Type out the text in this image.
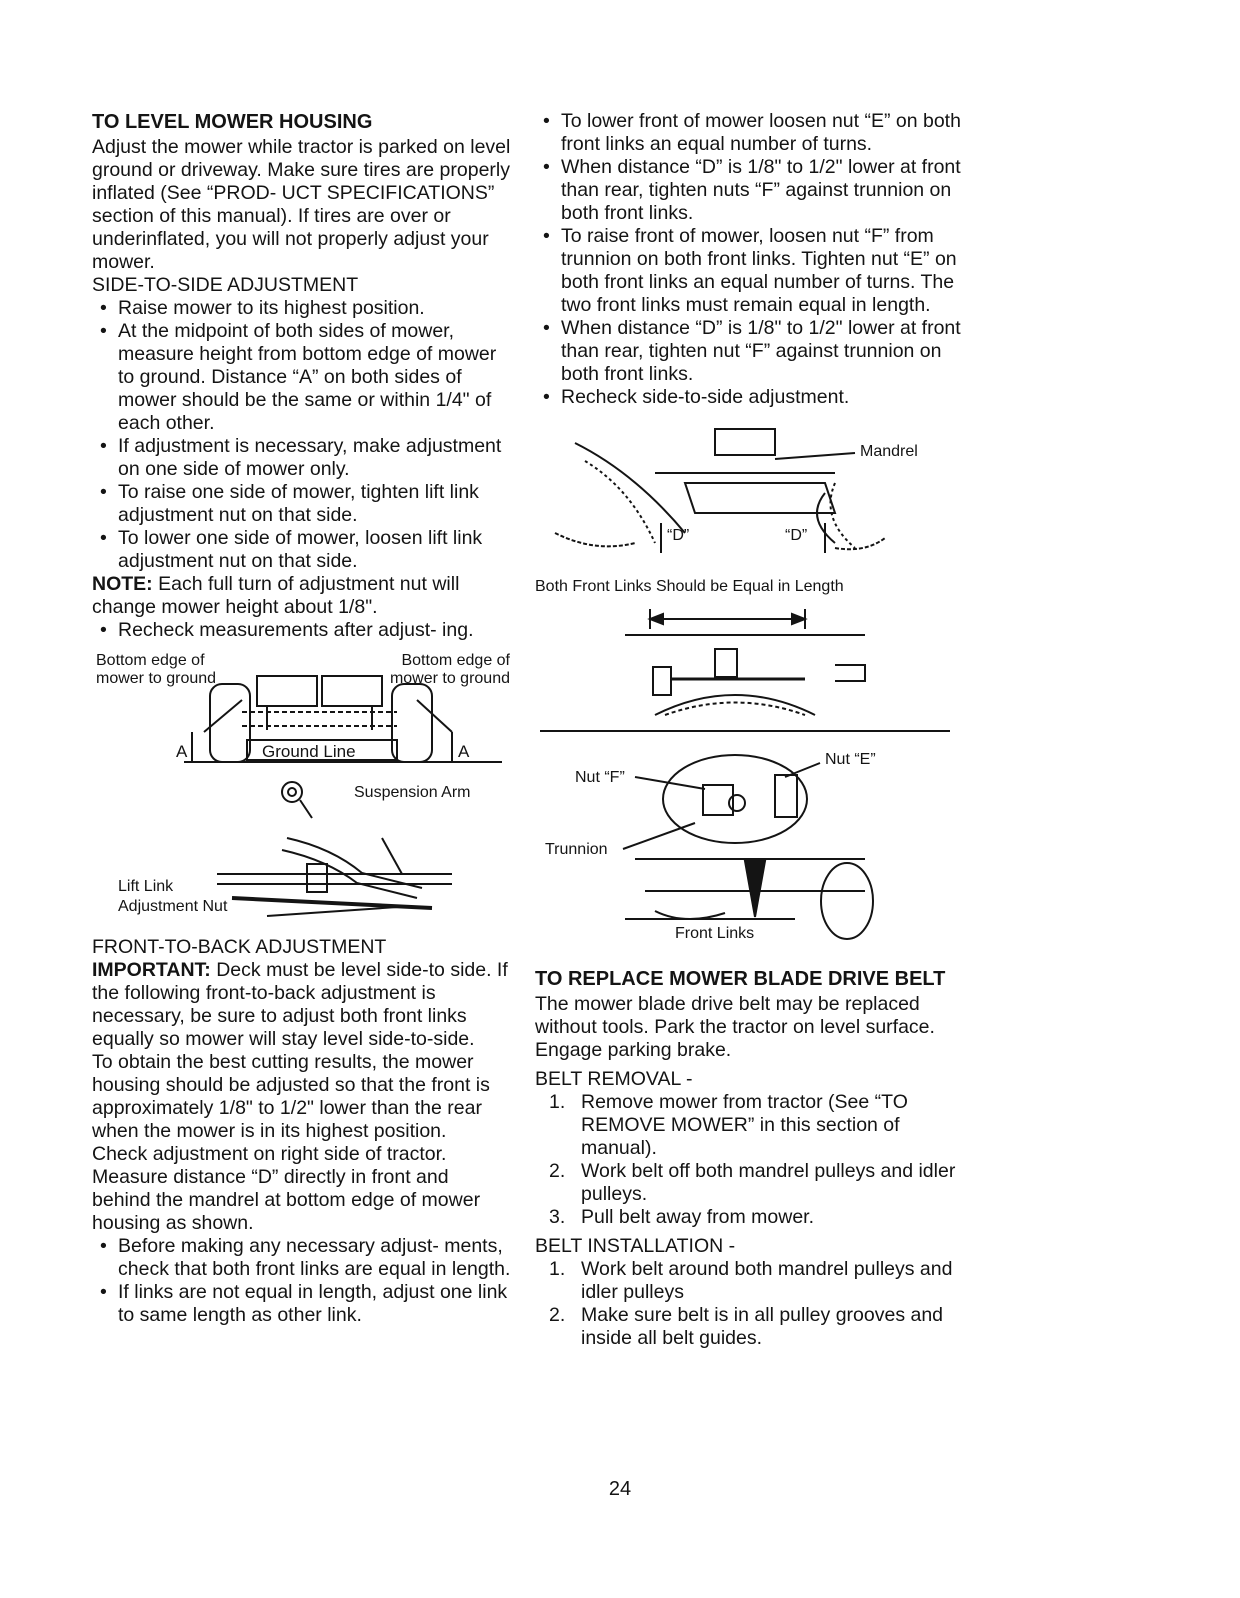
TO LEVEL MOWER HOUSING

Adjust the mower while tractor is parked on level ground or driveway. Make sure tires are properly inflated (See “PROD- UCT SPECIFICATIONS” section of this manual). If tires are over or underinflated, you will not properly adjust your mower.

SIDE-TO-SIDE ADJUSTMENT

• Raise mower to its highest position.
• At the midpoint of both sides of mower, measure height from bottom edge of mower to ground. Distance “A” on both sides of mower should be the same or within 1/4" of each other.
• If adjustment is necessary, make adjustment on one side of mower only.
• To raise one side of mower, tighten lift link adjustment nut on that side.
• To lower one side of mower, loosen lift link adjustment nut on that side.

NOTE: Each full turn of adjustment nut will change mower height about 1/8".

• Recheck measurements after adjust- ing.
Bottom edge of mower to ground
Bottom edge of mower to ground
Ground Line
A	A
Suspension Arm
Lift Link
Adjustment Nut

FRONT-TO-BACK ADJUSTMENT

IMPORTANT: Deck must be level side-to side. If the following front-to-back adjustment is necessary, be sure to adjust both front links equally so mower will stay level side-to-side.

To obtain the best cutting results, the mower housing should be adjusted so that the front is approximately 1/8" to 1/2" lower than the rear when the mower is in its highest position.

Check adjustment on right side of tractor. Measure distance “D” directly in front and behind the mandrel at bottom edge of mower housing as shown.

• Before making any necessary adjust- ments, check that both front links are equal in length.
• If links are not equal in length, adjust one link to same length as other link.
• To lower front of mower loosen nut “E” on both front links an equal number of turns.
• When distance “D” is 1/8" to 1/2" lower at front than rear, tighten nuts “F” against trunnion on both front links.
• To raise front of mower, loosen nut “F” from trunnion on both front links. Tighten nut “E” on both front links an equal number of turns. The two front links must remain equal in length.
• When distance “D” is 1/8" to 1/2" lower at front than rear, tighten nut “F” against trunnion on both front links.
• Recheck side-to-side adjustment.
Mandrel
“D”	“D”

Both Front Links Should be Equal in Length

Nut “F”
Nut “E”
Trunnion
Front Links
TO REPLACE MOWER BLADE DRIVE BELT

The mower blade drive belt may be replaced without tools. Park the tractor on level surface. Engage parking brake.

BELT REMOVAL -

1. Remove mower from tractor (See “TO REMOVE MOWER” in this section of manual).
2. Work belt off both mandrel pulleys and idler pulleys.
3. Pull belt away from mower.

BELT INSTALLATION -

1. Work belt around both mandrel pulleys and idler pulleys
2. Make sure belt is in all pulley grooves and inside all belt guides.
24
